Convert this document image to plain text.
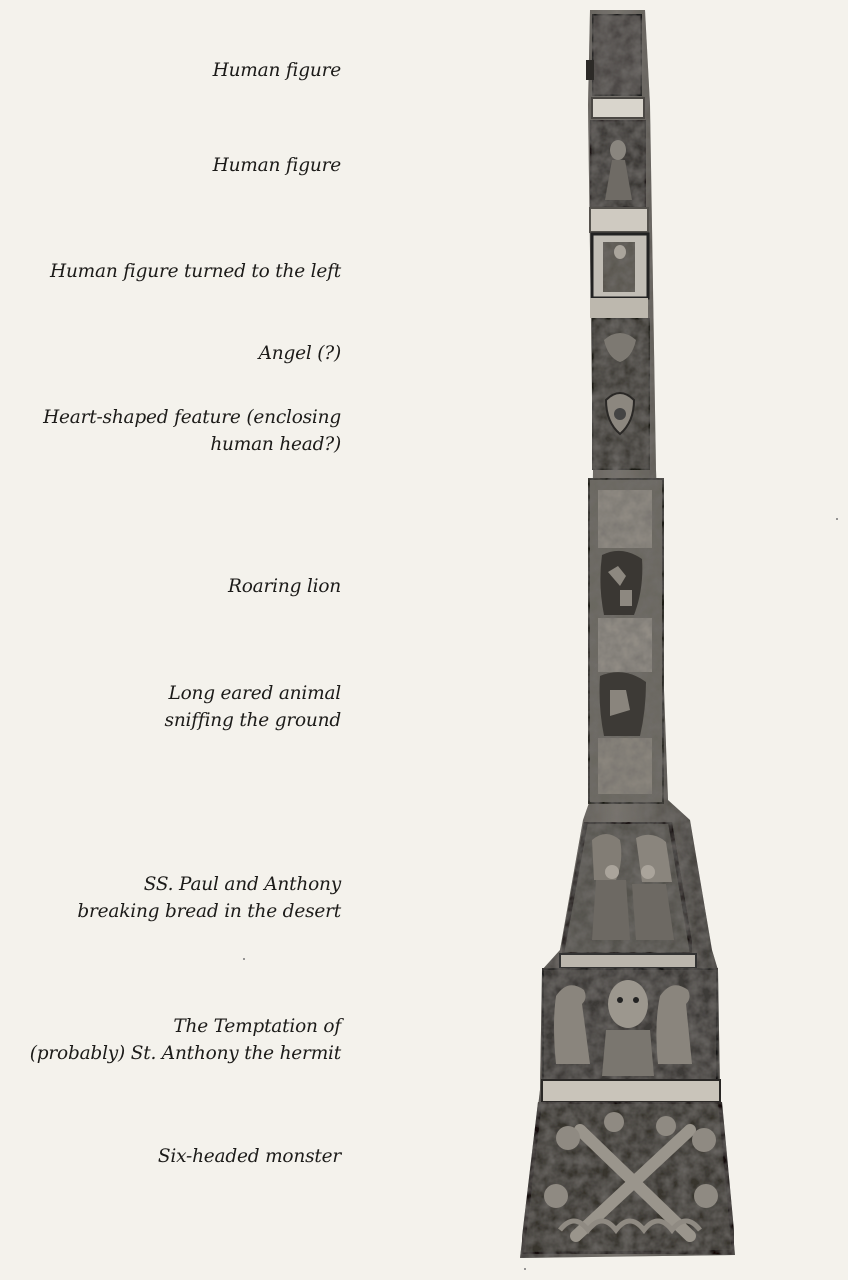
Human figure
Human figure
Human figure turned to the left
Angel (?)
Heart-shaped feature (enclosing
human head?)
Roaring lion
Long eared animal
sniffing the ground
SS. Paul and Anthony
breaking bread in the desert
The Temptation of
(probably) St. Anthony the hermit
Six-headed monster
